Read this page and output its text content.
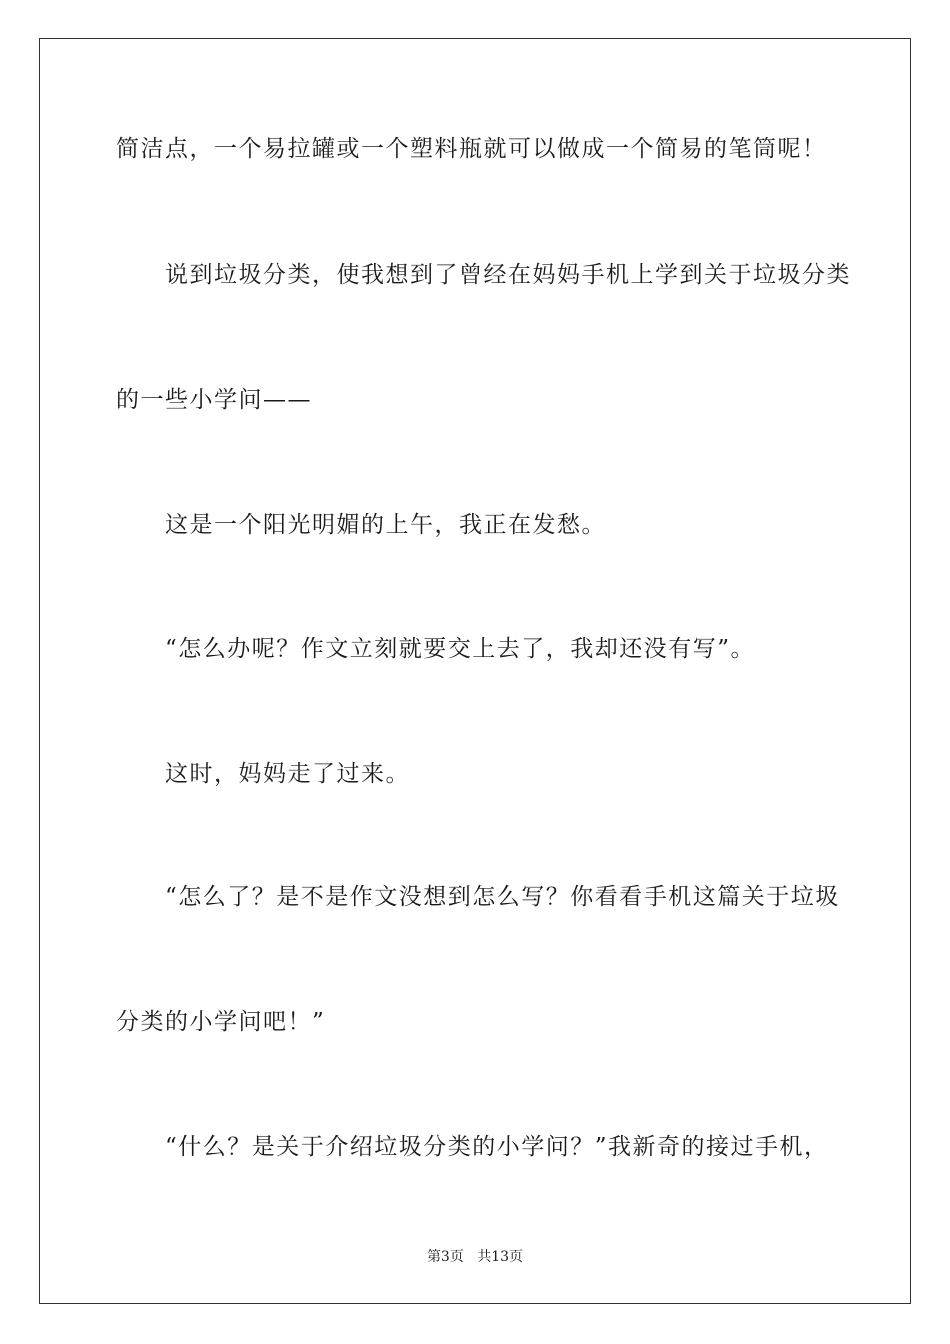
简洁点，一个易拉罐或一个塑料瓶就可以做成一个简易的笔筒呢！
说到垃圾分类，使我想到了曾经在妈妈手机上学到关于垃圾分类
的一些小学问——
这是一个阳光明媚的上午，我正在发愁。
“怎么办呢？作文立刻就要交上去了，我却还没有写”。
这时，妈妈走了过来。
“怎么了？是不是作文没想到怎么写？你看看手机这篇关于垃圾
分类的小学问吧！”
“什么？是关于介绍垃圾分类的小学问？”我新奇的接过手机，
第3页 共13页
